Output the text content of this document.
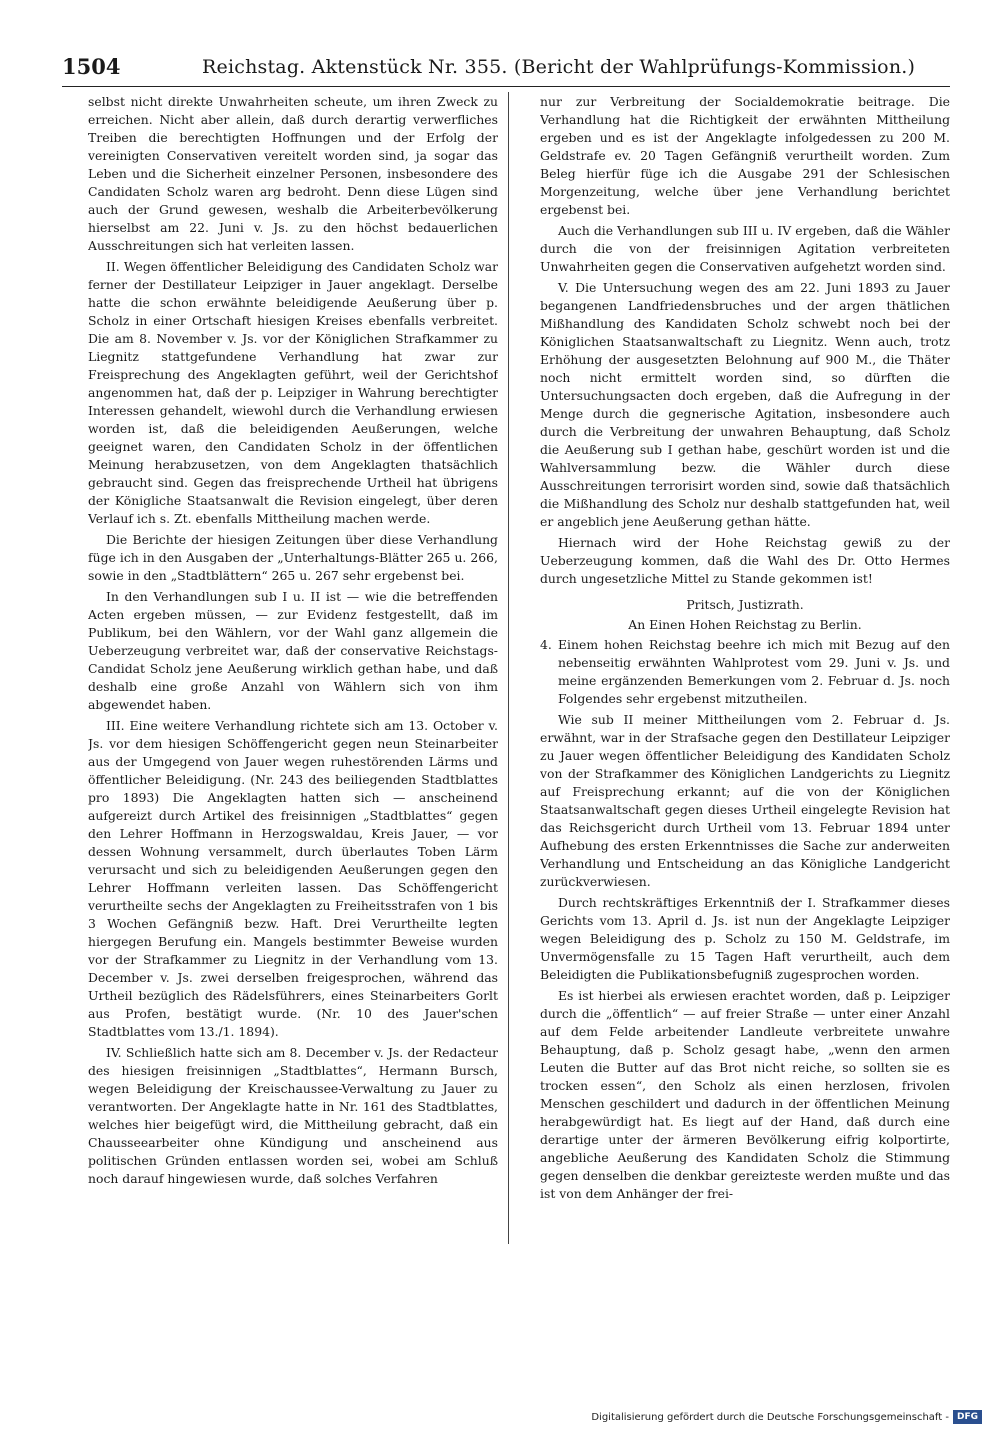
1504	Reichstag. Aktenstück Nr. 355. (Bericht der Wahlprüfungs-Kommission.)

selbst nicht direkte Unwahrheiten scheute, um ihren Zweck zu erreichen. Nicht aber allein, daß durch derartig verwerfliches Treiben die berechtigten Hoffnungen und der Erfolg der vereinigten Conservativen vereitelt worden sind, ja sogar das Leben und die Sicherheit einzelner Personen, insbesondere des Candidaten Scholz waren arg bedroht. Denn diese Lügen sind auch der Grund gewesen, weshalb die Arbeiterbevölkerung hierselbst am 22. Juni v. Js. zu den höchst bedauerlichen Ausschreitungen sich hat verleiten lassen.

II. Wegen öffentlicher Beleidigung des Candidaten Scholz war ferner der Destillateur Leipziger in Jauer angeklagt. Derselbe hatte die schon erwähnte beleidigende Aeußerung über p. Scholz in einer Ortschaft hiesigen Kreises ebenfalls verbreitet. Die am 8. November v. Js. vor der Königlichen Strafkammer zu Liegnitz stattgefundene Verhandlung hat zwar zur Freisprechung des Angeklagten geführt, weil der Gerichtshof angenommen hat, daß der p. Leipziger in Wahrung berechtigter Interessen gehandelt, wiewohl durch die Verhandlung erwiesen worden ist, daß die beleidigenden Aeußerungen, welche geeignet waren, den Candidaten Scholz in der öffentlichen Meinung herabzusetzen, von dem Angeklagten thatsächlich gebraucht sind. Gegen das freisprechende Urtheil hat übrigens der Königliche Staatsanwalt die Revision eingelegt, über deren Verlauf ich s. Zt. ebenfalls Mittheilung machen werde.

Die Berichte der hiesigen Zeitungen über diese Verhandlung füge ich in den Ausgaben der „Unterhaltungs-Blätter 265 u. 266, sowie in den „Stadtblättern“ 265 u. 267 sehr ergebenst bei.

In den Verhandlungen sub I u. II ist — wie die betreffenden Acten ergeben müssen, — zur Evidenz festgestellt, daß im Publikum, bei den Wählern, vor der Wahl ganz allgemein die Ueberzeugung verbreitet war, daß der conservative Reichstags-Candidat Scholz jene Aeußerung wirklich gethan habe, und daß deshalb eine große Anzahl von Wählern sich von ihm abgewendet haben.

III. Eine weitere Verhandlung richtete sich am 13. October v. Js. vor dem hiesigen Schöffengericht gegen neun Steinarbeiter aus der Umgegend von Jauer wegen ruhestörenden Lärms und öffentlicher Beleidigung. (Nr. 243 des beiliegenden Stadtblattes pro 1893) Die Angeklagten hatten sich — anscheinend aufgereizt durch Artikel des freisinnigen „Stadtblattes“ gegen den Lehrer Hoffmann in Herzogswaldau, Kreis Jauer, — vor dessen Wohnung versammelt, durch überlautes Toben Lärm verursacht und sich zu beleidigenden Aeußerungen gegen den Lehrer Hoffmann verleiten lassen. Das Schöffengericht verurtheilte sechs der Angeklagten zu Freiheitsstrafen von 1 bis 3 Wochen Gefängniß bezw. Haft. Drei Verurtheilte legten hiergegen Berufung ein. Mangels bestimmter Beweise wurden vor der Strafkammer zu Liegnitz in der Verhandlung vom 13. December v. Js. zwei derselben freigesprochen, während das Urtheil bezüglich des Rädelsführers, eines Steinarbeiters Gorlt aus Profen, bestätigt wurde. (Nr. 10 des Jauer'schen Stadtblattes vom 13./1. 1894).

IV. Schließlich hatte sich am 8. December v. Js. der Redacteur des hiesigen freisinnigen „Stadtblattes“, Hermann Bursch, wegen Beleidigung der Kreischaussee-Verwaltung zu Jauer zu verantworten. Der Angeklagte hatte in Nr. 161 des Stadtblattes, welches hier beigefügt wird, die Mittheilung gebracht, daß ein Chausseearbeiter ohne Kündigung und anscheinend aus politischen Gründen entlassen worden sei, wobei am Schluß noch darauf hingewiesen wurde, daß solches Verfahren

nur zur Verbreitung der Socialdemokratie beitrage. Die Verhandlung hat die Richtigkeit der erwähnten Mittheilung ergeben und es ist der Angeklagte infolgedessen zu 200 M. Geldstrafe ev. 20 Tagen Gefängniß verurtheilt worden. Zum Beleg hierfür füge ich die Ausgabe 291 der Schlesischen Morgenzeitung, welche über jene Verhandlung berichtet ergebenst bei.

Auch die Verhandlungen sub III u. IV ergeben, daß die Wähler durch die von der freisinnigen Agitation verbreiteten Unwahrheiten gegen die Conservativen aufgehetzt worden sind.

V. Die Untersuchung wegen des am 22. Juni 1893 zu Jauer begangenen Landfriedensbruches und der argen thätlichen Mißhandlung des Kandidaten Scholz schwebt noch bei der Königlichen Staatsanwaltschaft zu Liegnitz. Wenn auch, trotz Erhöhung der ausgesetzten Belohnung auf 900 M., die Thäter noch nicht ermittelt worden sind, so dürften die Untersuchungsacten doch ergeben, daß die Aufregung in der Menge durch die gegnerische Agitation, insbesondere auch durch die Verbreitung der unwahren Behauptung, daß Scholz die Aeußerung sub I gethan habe, geschürt worden ist und die Wahlversammlung bezw. die Wähler durch diese Ausschreitungen terrorisirt worden sind, sowie daß thatsächlich die Mißhandlung des Scholz nur deshalb stattgefunden hat, weil er angeblich jene Aeußerung gethan hätte.

Hiernach wird der Hohe Reichstag gewiß zu der Ueberzeugung kommen, daß die Wahl des Dr. Otto Hermes durch ungesetzliche Mittel zu Stande gekommen ist!

Pritsch, Justizrath.

An Einen Hohen Reichstag zu Berlin.

4. Einem hohen Reichstag beehre ich mich mit Bezug auf den nebenseitig erwähnten Wahlprotest vom 29. Juni v. Js. und meine ergänzenden Bemerkungen vom 2. Februar d. Js. noch Folgendes sehr ergebenst mitzutheilen.

Wie sub II meiner Mittheilungen vom 2. Februar d. Js. erwähnt, war in der Strafsache gegen den Destillateur Leipziger zu Jauer wegen öffentlicher Beleidigung des Kandidaten Scholz von der Strafkammer des Königlichen Landgerichts zu Liegnitz auf Freisprechung erkannt; auf die von der Königlichen Staatsanwaltschaft gegen dieses Urtheil eingelegte Revision hat das Reichsgericht durch Urtheil vom 13. Februar 1894 unter Aufhebung des ersten Erkenntnisses die Sache zur anderweiten Verhandlung und Entscheidung an das Königliche Landgericht zurückverwiesen.

Durch rechtskräftiges Erkenntniß der I. Strafkammer dieses Gerichts vom 13. April d. Js. ist nun der Angeklagte Leipziger wegen Beleidigung des p. Scholz zu 150 M. Geldstrafe, im Unvermögensfalle zu 15 Tagen Haft verurtheilt, auch dem Beleidigten die Publikationsbefugniß zugesprochen worden.

Es ist hierbei als erwiesen erachtet worden, daß p. Leipziger durch die „öffentlich“ — auf freier Straße — unter einer Anzahl auf dem Felde arbeitender Landleute verbreitete unwahre Behauptung, daß p. Scholz gesagt habe, „wenn den armen Leuten die Butter auf das Brot nicht reiche, so sollten sie es trocken essen“, den Scholz als einen herzlosen, frivolen Menschen geschildert und dadurch in der öffentlichen Meinung herabgewürdigt hat. Es liegt auf der Hand, daß durch eine derartige unter der ärmeren Bevölkerung eifrig kolportirte, angebliche Aeußerung des Kandidaten Scholz die Stimmung gegen denselben die denkbar gereizteste werden mußte und das ist von dem Anhänger der frei-

Digitalisierung gefördert durch die Deutsche Forschungsgemeinschaft - DFG
